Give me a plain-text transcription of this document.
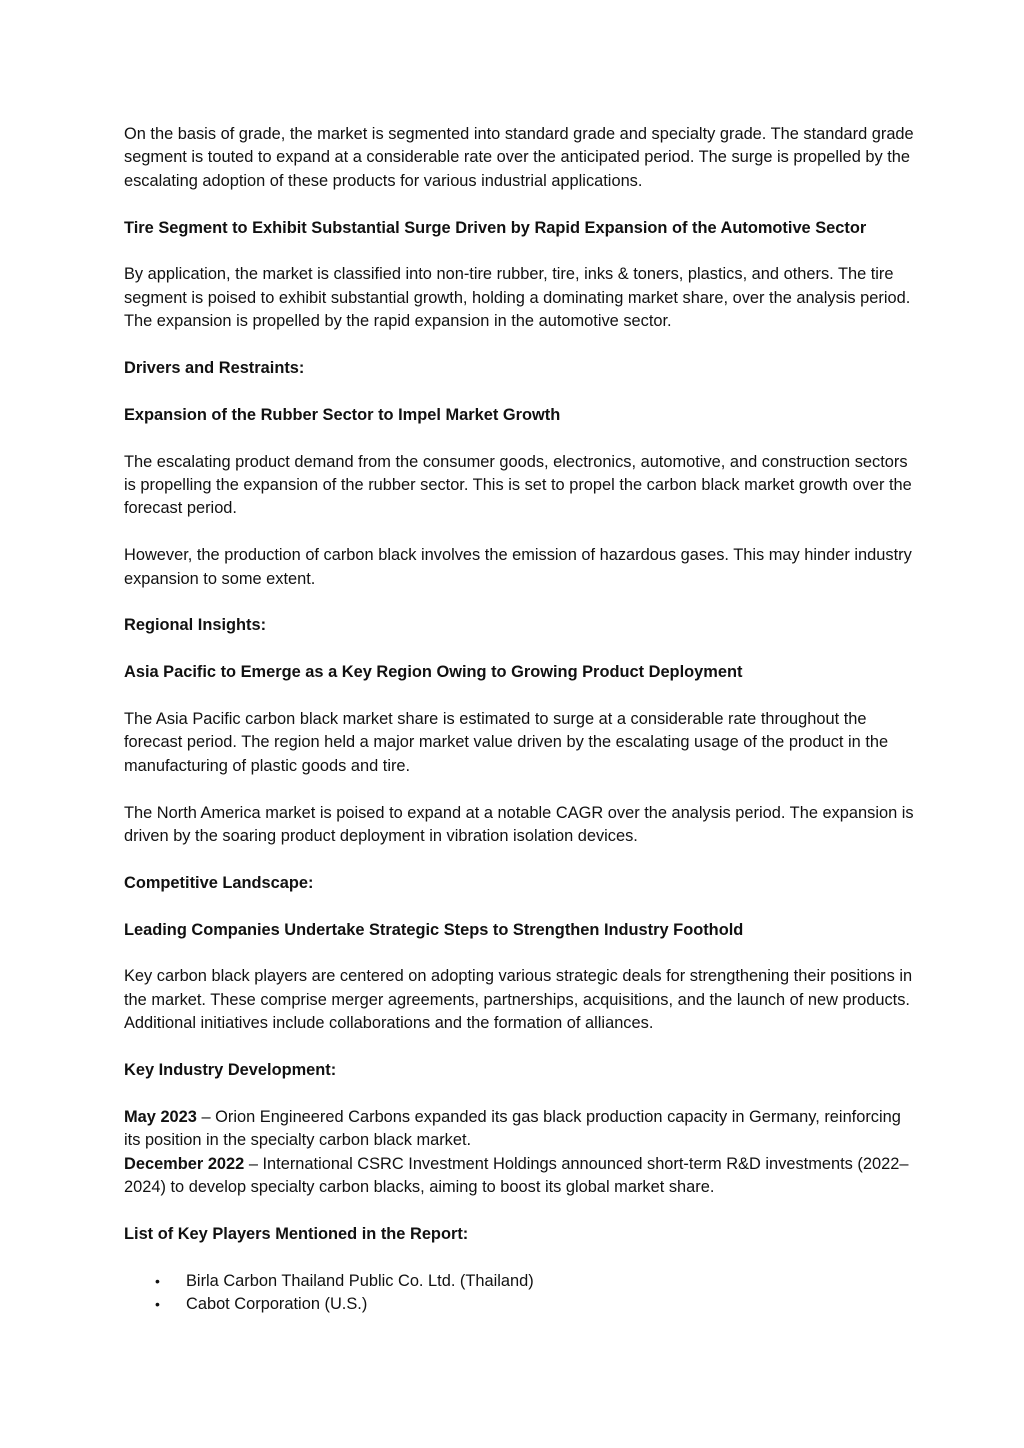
On the basis of grade, the market is segmented into standard grade and specialty grade. The standard grade segment is touted to expand at a considerable rate over the anticipated period. The surge is propelled by the escalating adoption of these products for various industrial applications.

Tire Segment to Exhibit Substantial Surge Driven by Rapid Expansion of the Automotive Sector

By application, the market is classified into non-tire rubber, tire, inks & toners, plastics, and others. The tire segment is poised to exhibit substantial growth, holding a dominating market share, over the analysis period. The expansion is propelled by the rapid expansion in the automotive sector.

Drivers and Restraints:

Expansion of the Rubber Sector to Impel Market Growth

The escalating product demand from the consumer goods, electronics, automotive, and construction sectors is propelling the expansion of the rubber sector. This is set to propel the carbon black market growth over the forecast period.

However, the production of carbon black involves the emission of hazardous gases. This may hinder industry expansion to some extent.

Regional Insights:

Asia Pacific to Emerge as a Key Region Owing to Growing Product Deployment

The Asia Pacific carbon black market share is estimated to surge at a considerable rate throughout the forecast period. The region held a major market value driven by the escalating usage of the product in the manufacturing of plastic goods and tire.

The North America market is poised to expand at a notable CAGR over the analysis period. The expansion is driven by the soaring product deployment in vibration isolation devices.

Competitive Landscape:

Leading Companies Undertake Strategic Steps to Strengthen Industry Foothold

Key carbon black players are centered on adopting various strategic deals for strengthening their positions in the market. These comprise merger agreements, partnerships, acquisitions, and the launch of new products. Additional initiatives include collaborations and the formation of alliances.

Key Industry Development:

May 2023 – Orion Engineered Carbons expanded its gas black production capacity in Germany, reinforcing its position in the specialty carbon black market.

December 2022 – International CSRC Investment Holdings announced short-term R&D investments (2022–2024) to develop specialty carbon blacks, aiming to boost its global market share.

List of Key Players Mentioned in the Report:

• Birla Carbon Thailand Public Co. Ltd. (Thailand)
• Cabot Corporation (U.S.)
